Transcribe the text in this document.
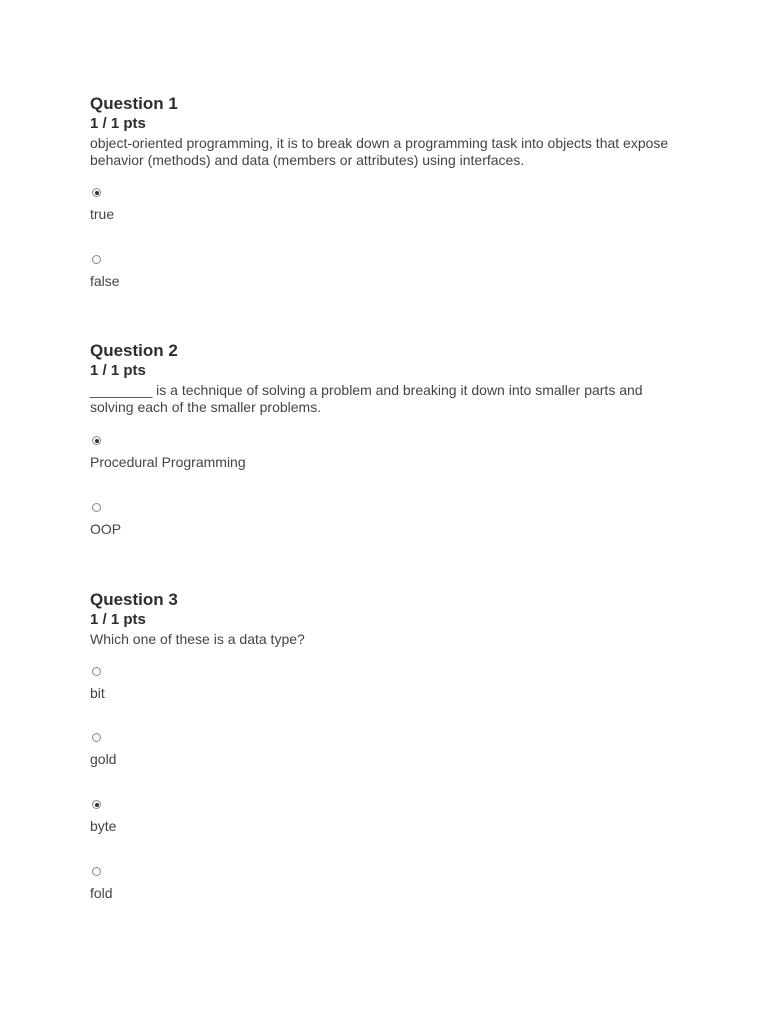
Question 1
1 / 1 pts

object-oriented programming, it is to break down a programming task into objects that expose behavior (methods) and data (members or attributes) using interfaces.

true
false
Question 2
1 / 1 pts

________ is a technique of solving a problem and breaking it down into smaller parts and solving each of the smaller problems.

Procedural Programming
OOP
Question 3
1 / 1 pts

Which one of these is a data type?

bit
gold
byte
fold
